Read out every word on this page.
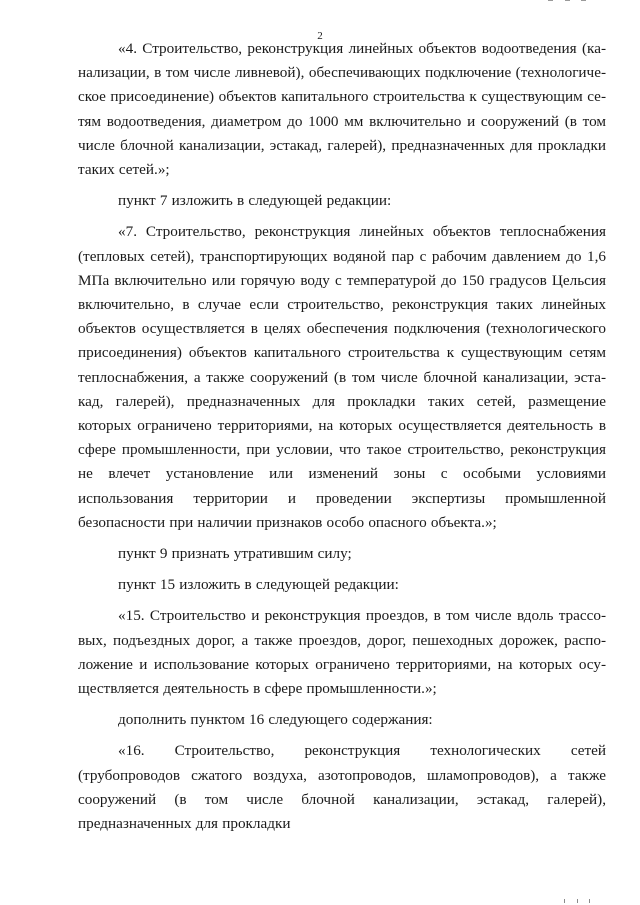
2

«4. Строительство, реконструкция линейных объектов водоотведения (канализации, в том числе ливневой), обеспечивающих подключение (технологическое присоединение) объектов капитального строительства к существующим сетям водоотведения, диаметром до 1000 мм включительно и сооружений (в том числе блочной канализации, эстакад, галерей), предназначенных для прокладки таких сетей.»;

пункт 7 изложить в следующей редакции:

«7. Строительство, реконструкция линейных объектов теплоснабжения (тепловых сетей), транспортирующих водяной пар с рабочим давлением до 1,6 МПа включительно или горячую воду с температурой до 150 градусов Цельсия включительно, в случае если строительство, реконструкция таких линейных объектов осуществляется в целях обеспечения подключения (технологического присоединения) объектов капитального строительства к существующим сетям теплоснабжения, а также сооружений (в том числе блочной канализации, эстакад, галерей), предназначенных для прокладки таких сетей, размещение которых ограничено территориями, на которых осуществляется деятельность в сфере промышленности, при условии, что такое строительство, реконструкция не влечет установление или изменений зоны с особыми условиями использования территории и проведении экспертизы промышленной безопасности при наличии признаков особо опасного объекта.»;

пункт 9 признать утратившим силу;

пункт 15 изложить в следующей редакции:

«15. Строительство и реконструкция проездов, в том числе вдоль трассовых, подъездных дорог, а также проездов, дорог, пешеходных дорожек, расположение и использование которых ограничено территориями, на которых осуществляется деятельность в сфере промышленности.»;

дополнить пунктом 16 следующего содержания:

«16. Строительство, реконструкция технологических сетей (трубопроводов сжатого воздуха, азотопроводов, шламопроводов), а также сооружений (в том числе блочной канализации, эстакад, галерей), предназначенных для прокладки
